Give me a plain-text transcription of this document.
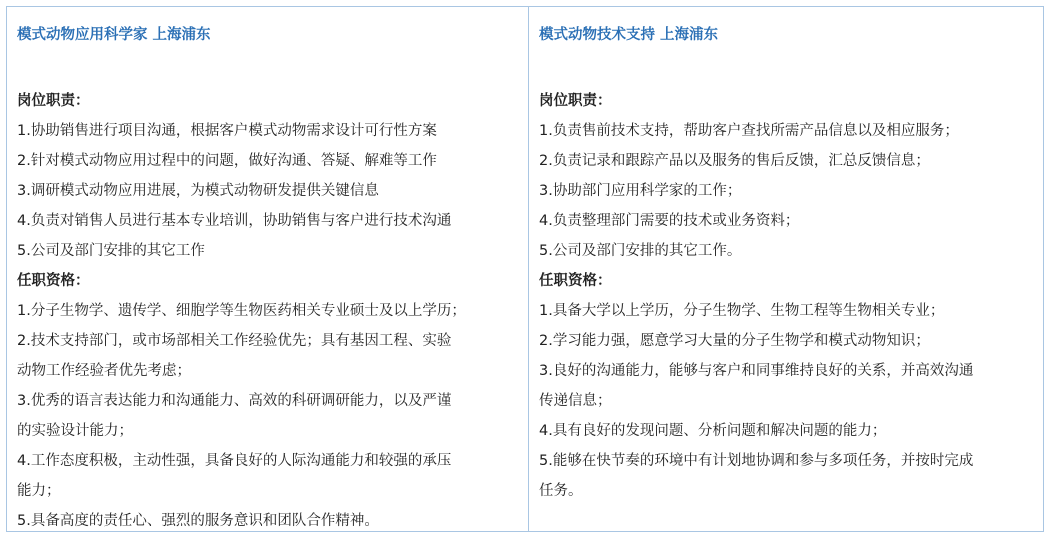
模式动物应用科学家 上海浦东
岗位职责：
1.协助销售进行项目沟通，根据客户模式动物需求设计可行性方案
2.针对模式动物应用过程中的问题，做好沟通、答疑、解难等工作
3.调研模式动物应用进展，为模式动物研发提供关键信息
4.负责对销售人员进行基本专业培训，协助销售与客户进行技术沟通
5.公司及部门安排的其它工作
任职资格：
1.分子生物学、遗传学、细胞学等生物医药相关专业硕士及以上学历；
2.技术支持部门，或市场部相关工作经验优先；具有基因工程、实验
动物工作经验者优先考虑；
3.优秀的语言表达能力和沟通能力、高效的科研调研能力，以及严谨
的实验设计能力；
4.工作态度积极，主动性强，具备良好的人际沟通能力和较强的承压
能力；
5.具备高度的责任心、强烈的服务意识和团队合作精神。
模式动物技术支持 上海浦东
岗位职责：
1.负责售前技术支持，帮助客户查找所需产品信息以及相应服务；
2.负责记录和跟踪产品以及服务的售后反馈，汇总反馈信息；
3.协助部门应用科学家的工作；
4.负责整理部门需要的技术或业务资料；
5.公司及部门安排的其它工作。
任职资格：
1.具备大学以上学历，分子生物学、生物工程等生物相关专业；
2.学习能力强，愿意学习大量的分子生物学和模式动物知识；
3.良好的沟通能力，能够与客户和同事维持良好的关系，并高效沟通
传递信息；
4.具有良好的发现问题、分析问题和解决问题的能力；
5.能够在快节奏的环境中有计划地协调和参与多项任务，并按时完成
任务。
